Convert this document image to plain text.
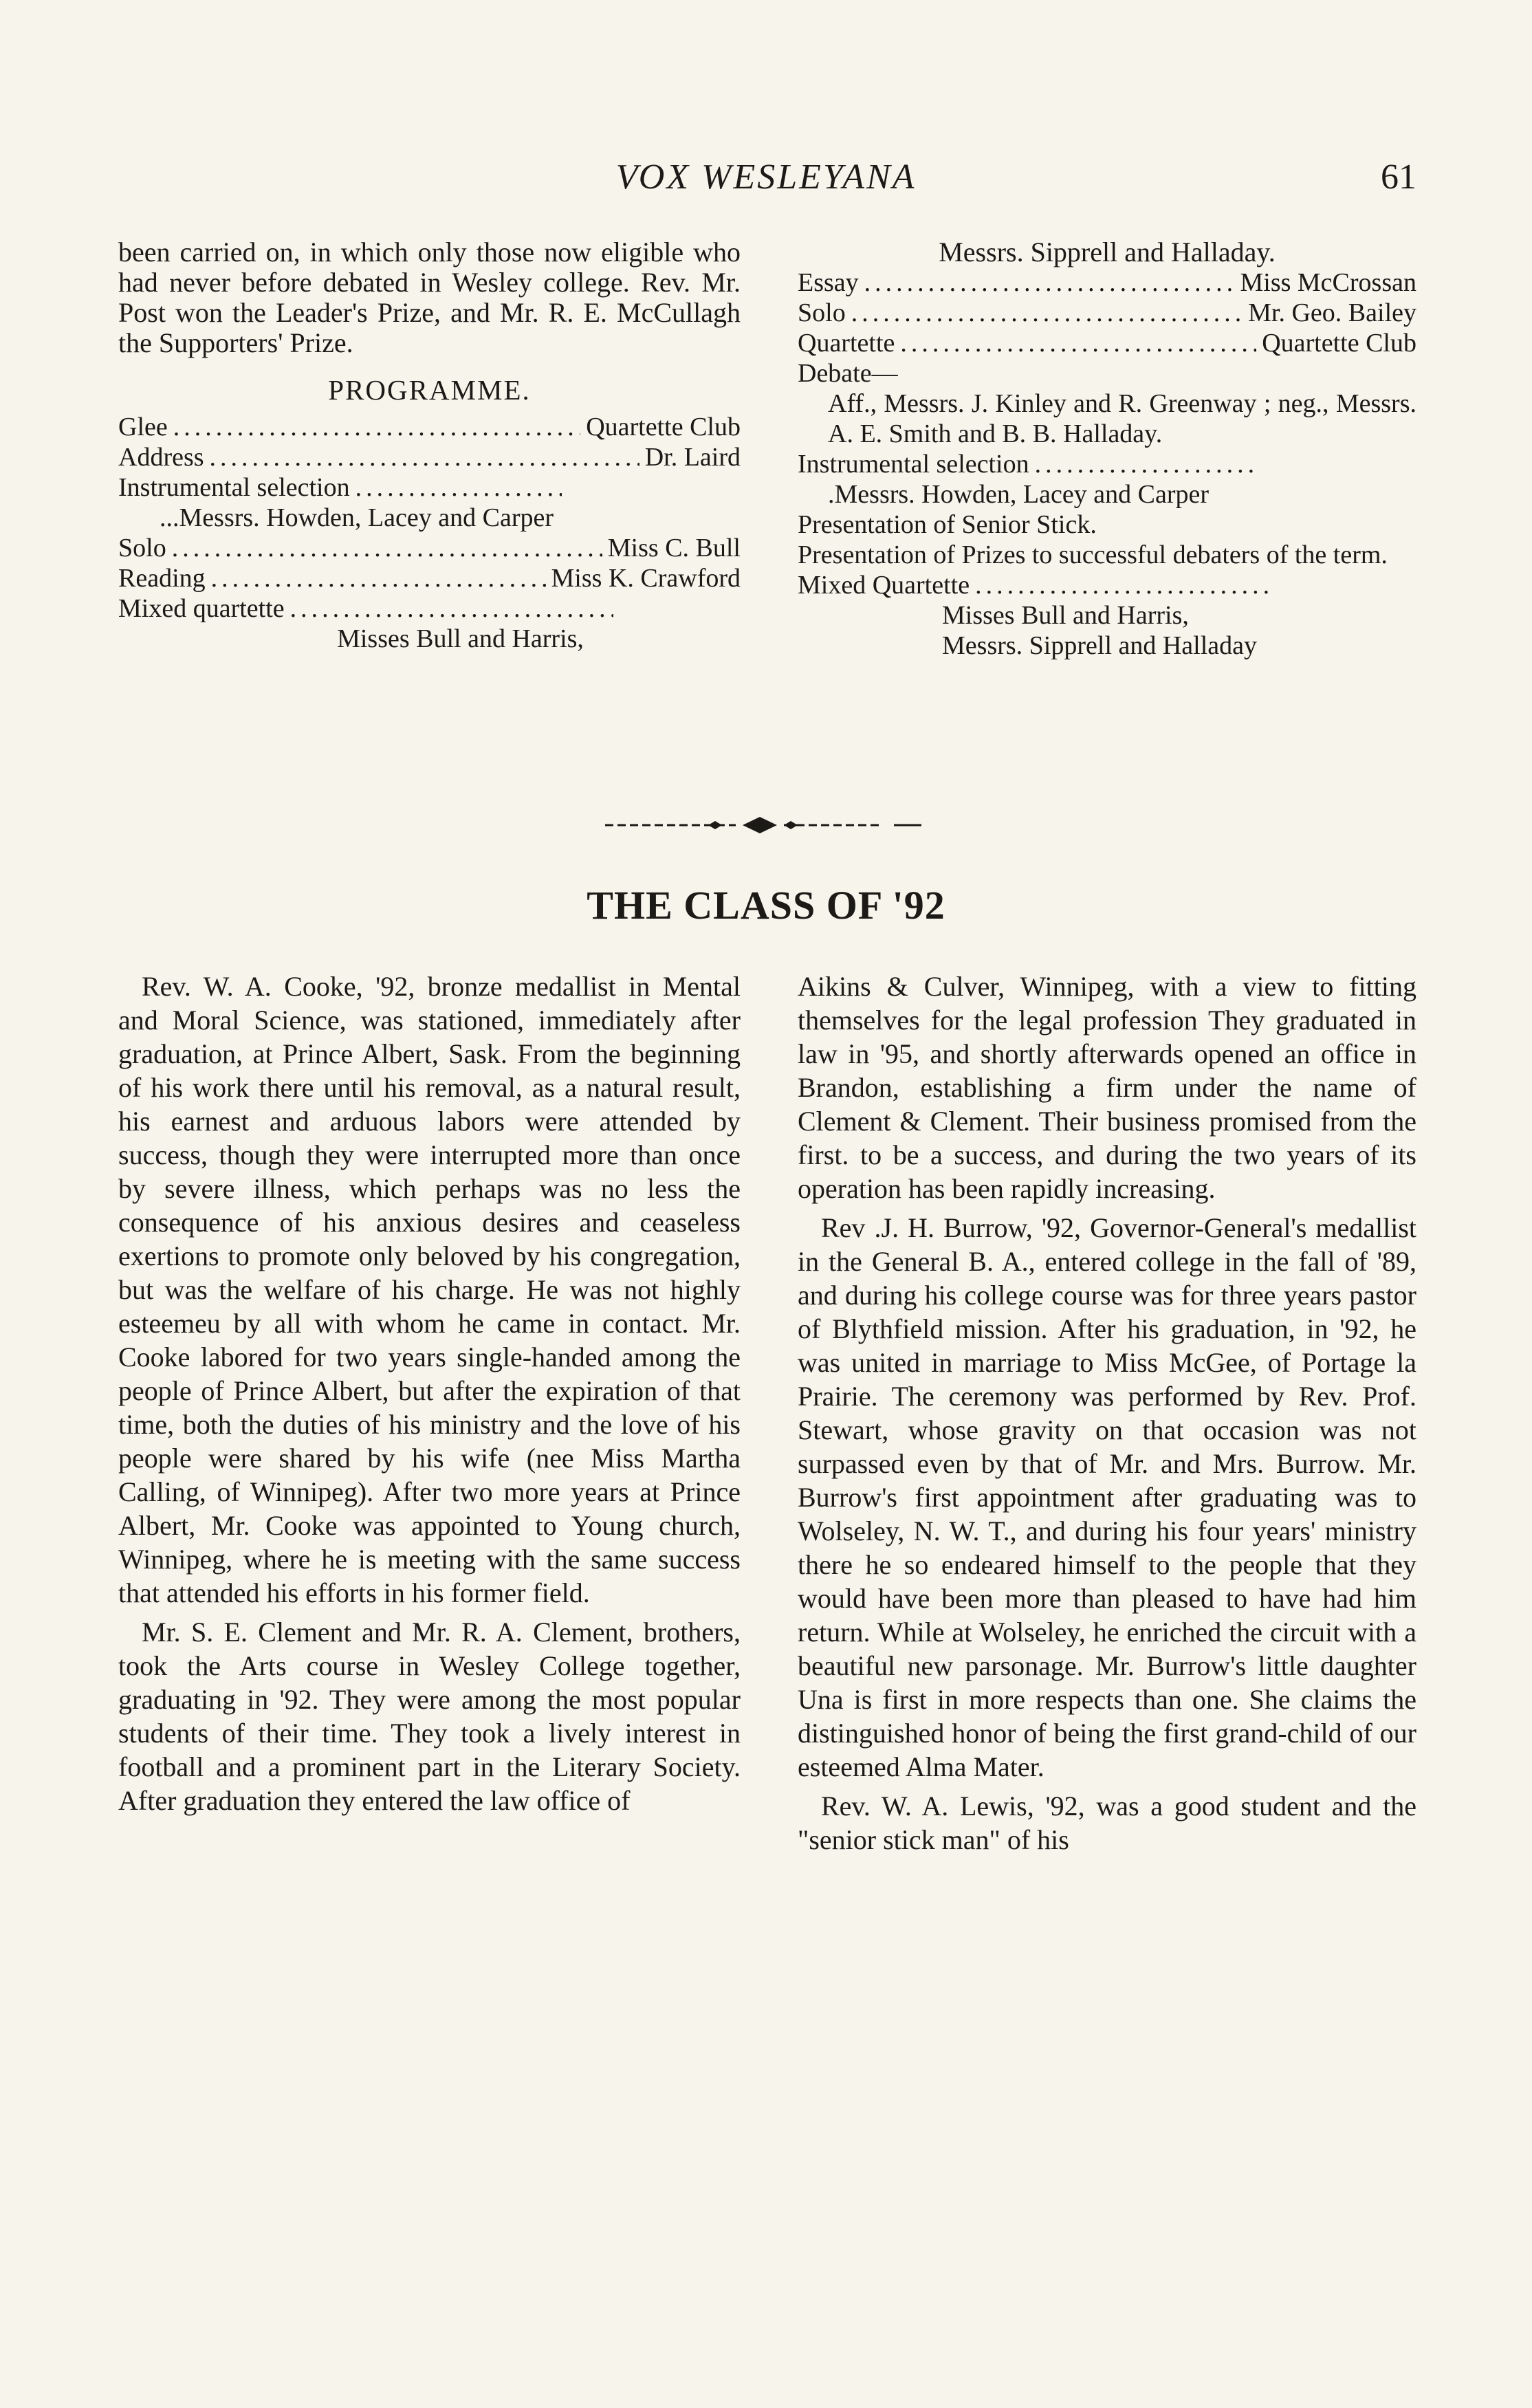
VOX WESLEYANA	61

been carried on, in which only those now eligible who had never before debated in Wesley college. Rev. Mr. Post won the Leader's Prize, and Mr. R. E. McCullagh the Supporters' Prize.

PROGRAMME.
Glee .....	Quartette Club
Address .....	Dr. Laird
Instrumental selection
.....
...Messrs. Howden, Lacey and Carper
Solo .....	Miss C. Bull
Reading .....	Miss K. Crawford
Mixed quartette
.....
Misses Bull and Harris,
Messrs. Sipprell and Halladay.
Essay .....	Miss McCrossan
Solo .....	Mr. Geo. Bailey
Quartette .....	Quartette Club
Debate—
Aff., Messrs. J. Kinley and R. Greenway ; neg., Messrs. A. E. Smith and B. B. Halladay.
Instrumental selection
.....
.Messrs. Howden, Lacey and Carper
Presentation of Senior Stick.
Presentation of Prizes to successful debaters of the term.
Mixed Quartette
.....
Misses Bull and Harris,
Messrs. Sipprell and Halladay
THE CLASS OF '92

Rev. W. A. Cooke, '92, bronze medallist in Mental and Moral Science, was stationed, immediately after graduation, at Prince Albert, Sask. From the beginning of his work there until his removal, as a natural result, his earnest and arduous labors were attended by success, though they were interrupted more than once by severe illness, which perhaps was no less the consequence of his anxious desires and ceaseless exertions to promote only beloved by his congregation, but was the welfare of his charge. He was not highly esteemeu by all with whom he came in contact. Mr. Cooke labored for two years single-handed among the people of Prince Albert, but after the expiration of that time, both the duties of his ministry and the love of his people were shared by his wife (nee Miss Martha Calling, of Winnipeg). After two more years at Prince Albert, Mr. Cooke was appointed to Young church, Winnipeg, where he is meeting with the same success that attended his efforts in his former field.

Mr. S. E. Clement and Mr. R. A. Clement, brothers, took the Arts course in Wesley College together, graduating in '92. They were among the most popular students of their time. They took a lively interest in football and a prominent part in the Literary Society. After graduation they entered the law office of

Aikins & Culver, Winnipeg, with a view to fitting themselves for the legal profession They graduated in law in '95, and shortly afterwards opened an office in Brandon, establishing a firm under the name of Clement & Clement. Their business promised from the first. to be a success, and during the two years of its operation has been rapidly increasing.

Rev .J. H. Burrow, '92, Governor-General's medallist in the General B. A., entered college in the fall of '89, and during his college course was for three years pastor of Blythfield mission. After his graduation, in '92, he was united in marriage to Miss McGee, of Portage la Prairie. The ceremony was performed by Rev. Prof. Stewart, whose gravity on that occasion was not surpassed even by that of Mr. and Mrs. Burrow. Mr. Burrow's first appointment after graduating was to Wolseley, N. W. T., and during his four years' ministry there he so endeared himself to the people that they would have been more than pleased to have had him return. While at Wolseley, he enriched the circuit with a beautiful new parsonage. Mr. Burrow's little daughter Una is first in more respects than one. She claims the distinguished honor of being the first grand-child of our esteemed Alma Mater.

Rev. W. A. Lewis, '92, was a good student and the "senior stick man" of his
